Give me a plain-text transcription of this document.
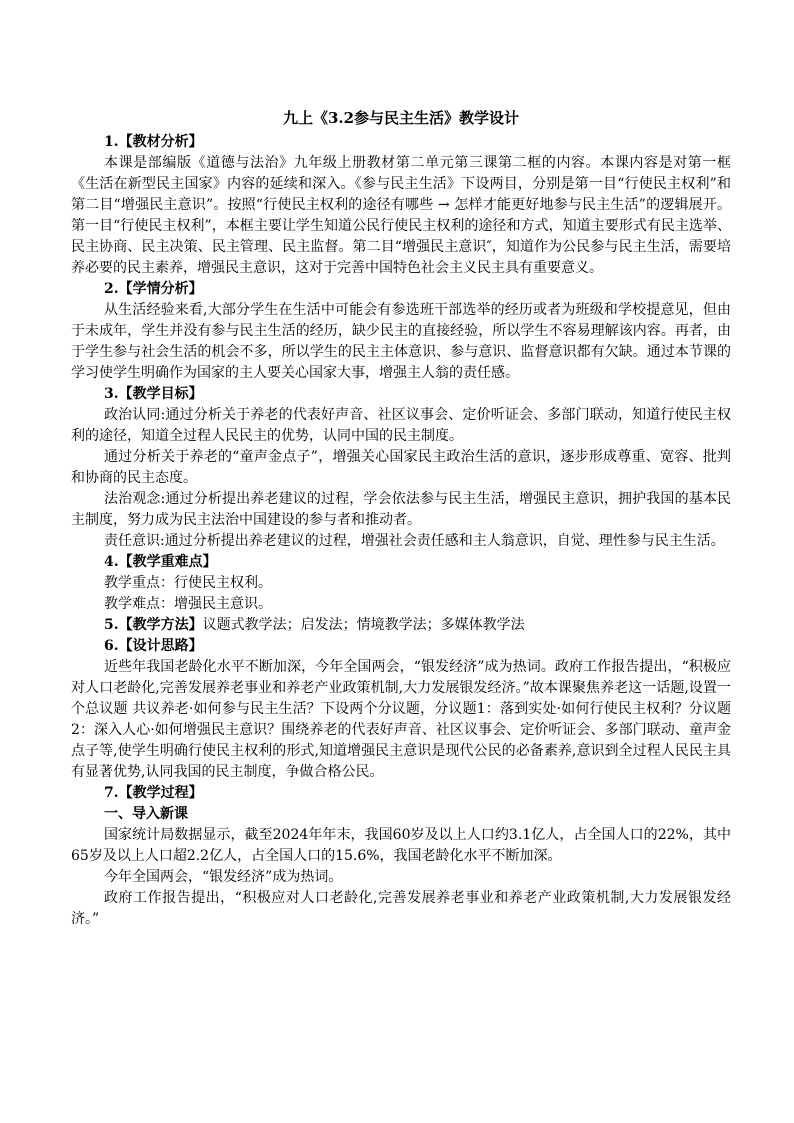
九上《3.2参与民主生活》教学设计

1.【教材分析】

本课是部编版《道德与法治》九年级上册教材第二单元第三课第二框的内容。本课内容是对第一框《生活在新型民主国家》内容的延续和深入。《参与民主生活》下设两目，分别是第一目“行使民主权利”和第二目“增强民主意识”。按照“行使民主权利的途径有哪些 → 怎样才能更好地参与民主生活”的逻辑展开。第一目“行使民主权利”，本框主要让学生知道公民行使民主权利的途径和方式，知道主要形式有民主选举、民主协商、民主决策、民主管理、民主监督。第二目“增强民主意识″，知道作为公民参与民主生活，需要培养必要的民主素养，增强民主意识，这对于完善中国特色社会主义民主具有重要意义。

2.【学情分析】

从生活经验来看,大部分学生在生活中可能会有参选班干部选举的经历或者为班级和学校提意见，但由于未成年，学生并没有参与民主生活的经历，缺少民主的直接经验，所以学生不容易理解该内容。再者，由于学生参与社会生活的机会不多，所以学生的民主主体意识、参与意识、监督意识都有欠缺。通过本节课的学习使学生明确作为国家的主人要关心国家大事，增强主人翁的责任感。

3.【教学目标】

政治认同:通过分析关于养老的代表好声音、社区议事会、定价听证会、多部门联动，知道行使民主权利的途径，知道全过程人民民主的优势，认同中国的民主制度。

通过分析关于养老的“童声金点子”，增强关心国家民主政治生活的意识，逐步形成尊重、宽容、批判和协商的民主态度。

法治观念:通过分析提出养老建议的过程，学会依法参与民主生活，增强民主意识，拥护我国的基本民主制度，努力成为民主法治中国建设的参与者和推动者。

责任意识:通过分析提出养老建议的过程，增强社会责任感和主人翁意识，自觉、理性参与民主生活。

4.【教学重难点】

教学重点：行使民主权利。

教学难点：增强民主意识。

5.【教学方法】议题式教学法；启发法；情境教学法；多媒体教学法

6.【设计思路】

近些年我国老龄化水平不断加深，今年全国两会，“银发经济”成为热词。政府工作报告提出，“积极应对人口老龄化,完善发展养老事业和养老产业政策机制,大力发展银发经济。”故本课聚焦养老这一话题,设置一个总议题 共议养老·如何参与民主生活？下设两个分议题，分议题1：落到实处·如何行使民主权利？分议题2：深入人心·如何增强民主意识？围绕养老的代表好声音、社区议事会、定价听证会、多部门联动、童声金点子等,使学生明确行使民主权利的形式,知道增强民主意识是现代公民的必备素养,意识到全过程人民民主具有显著优势,认同我国的民主制度，争做合格公民。

7.【教学过程】

一、导入新课

国家统计局数据显示，截至2024年年末，我国60岁及以上人口约3.1亿人，占全国人口的22%，其中65岁及以上人口超2.2亿人，占全国人口的15.6%，我国老龄化水平不断加深。

今年全国两会，“银发经济”成为热词。

政府工作报告提出，“积极应对人口老龄化,完善发展养老事业和养老产业政策机制,大力发展银发经济。”
